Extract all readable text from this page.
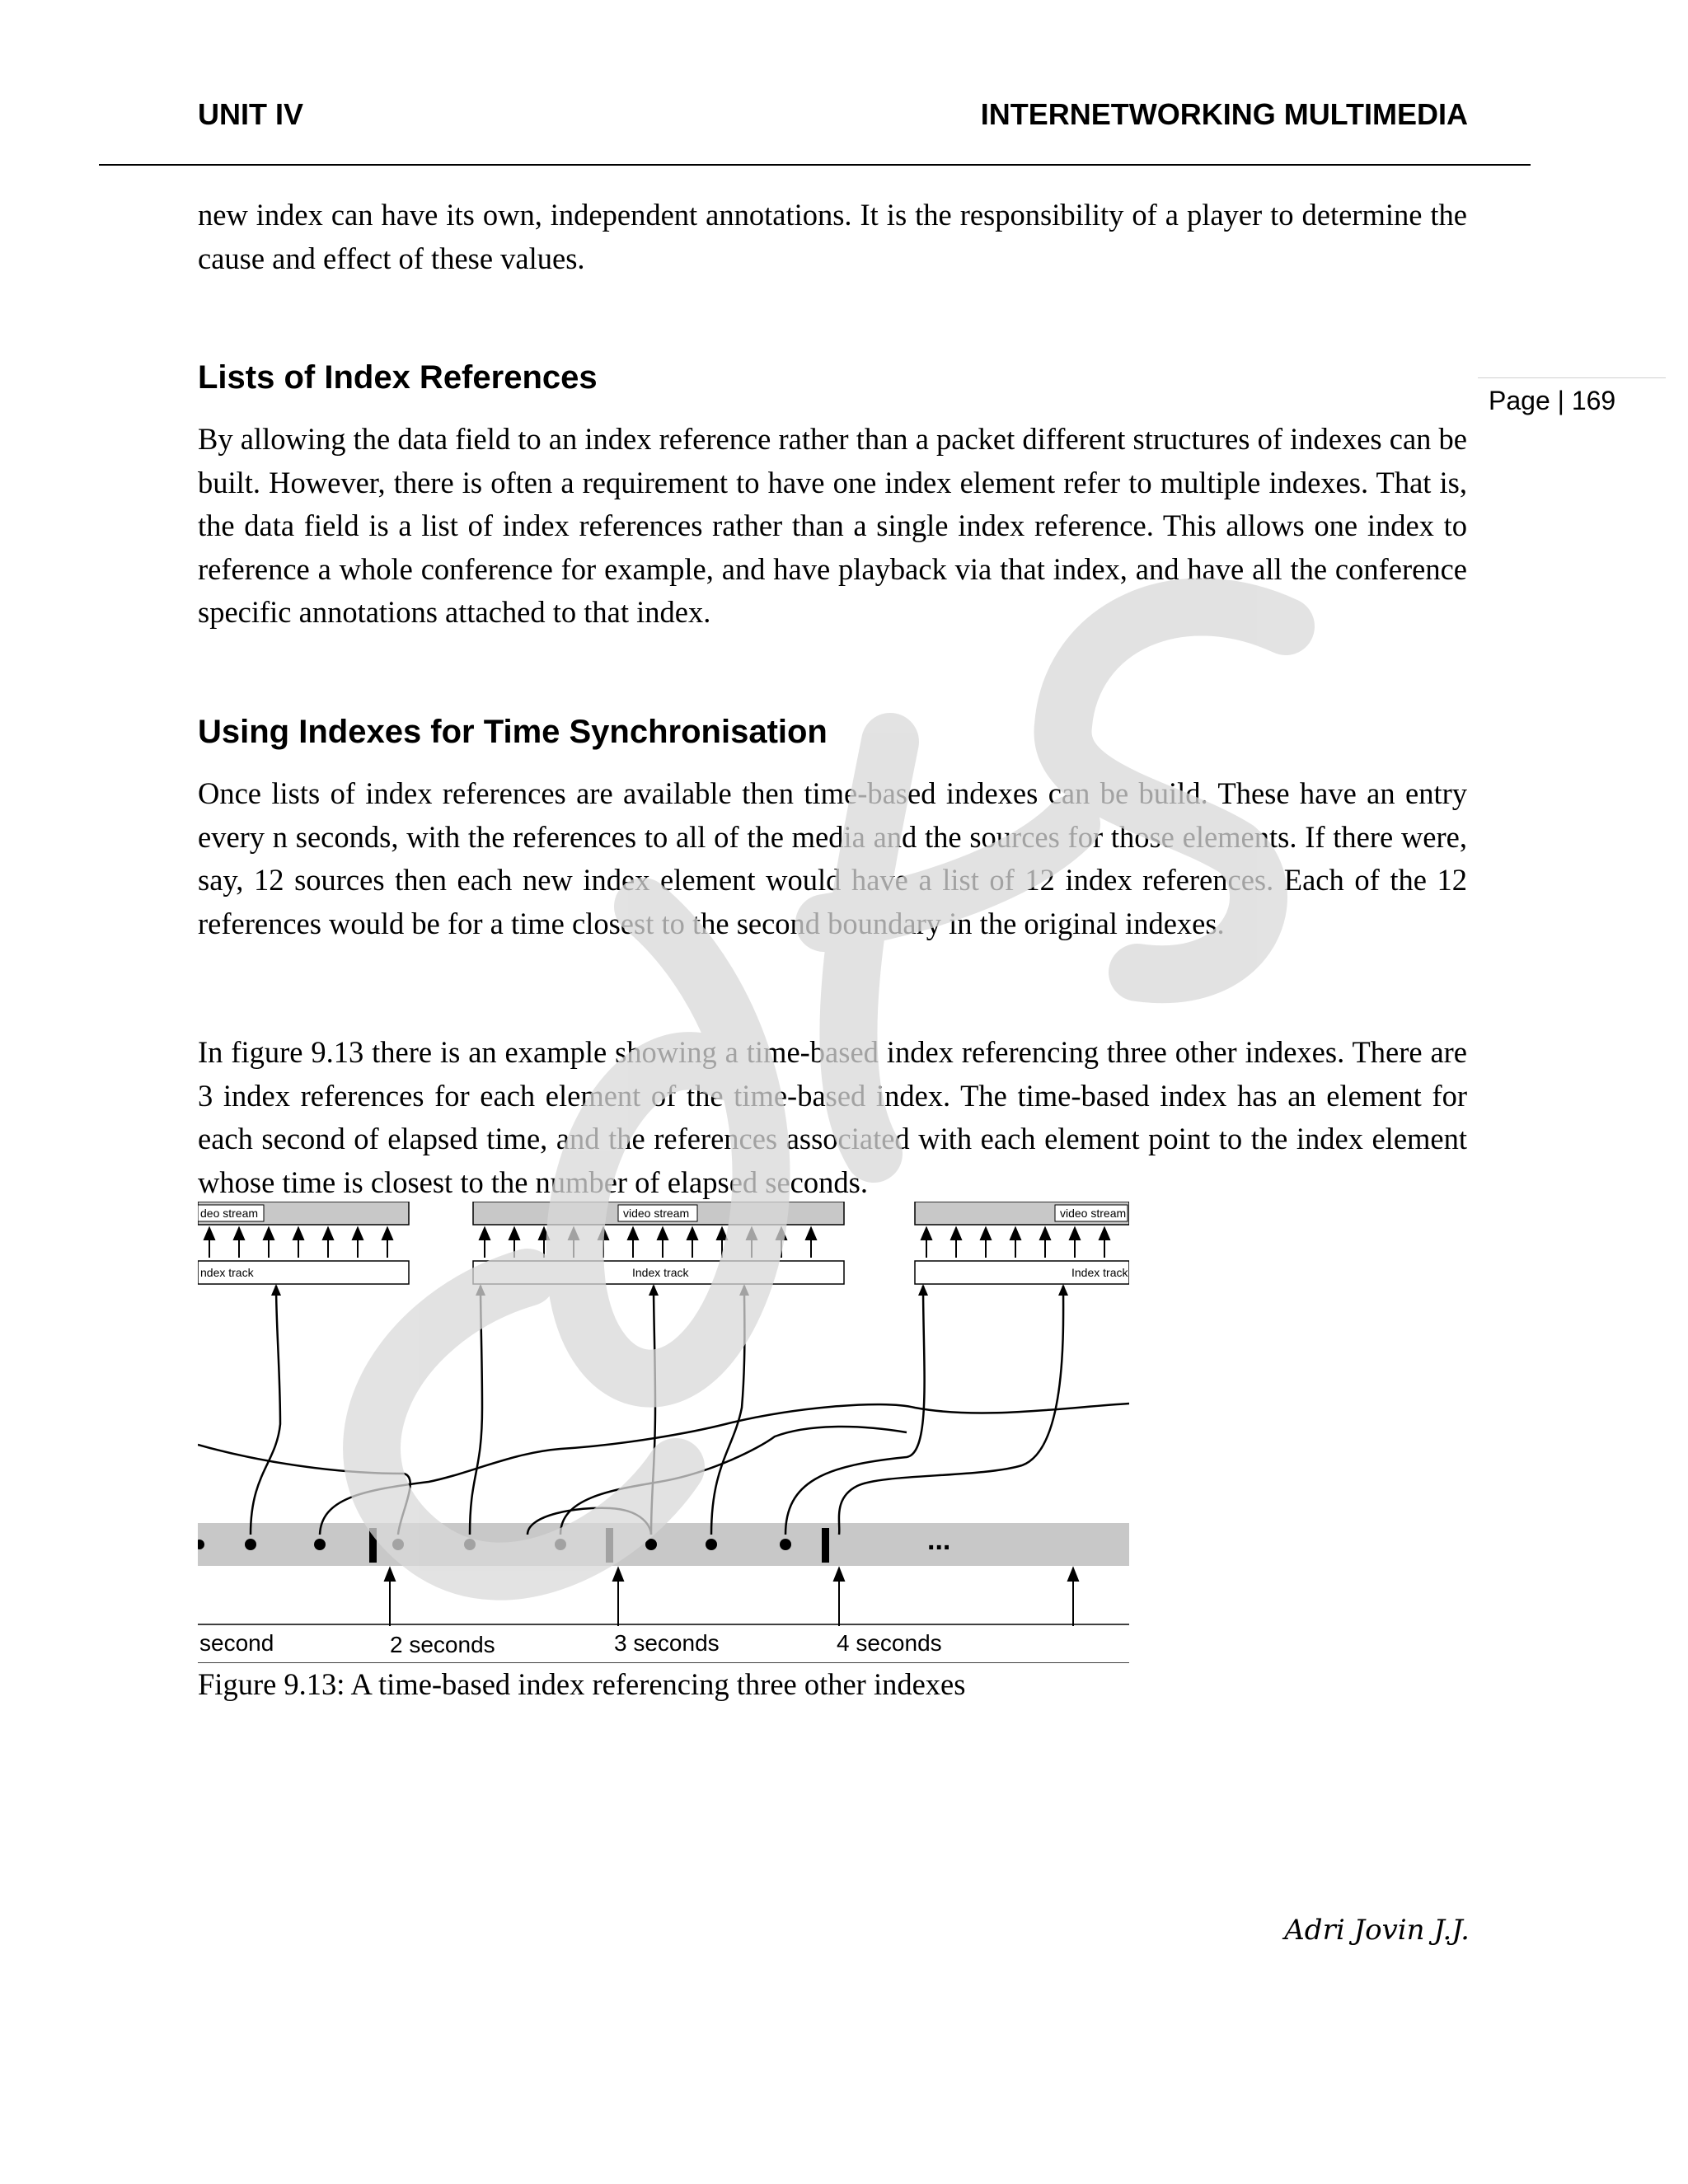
UNIT IV	INTERNETWORKING MULTIMEDIA
Page | 169

new index can have its own, independent annotations. It is the responsibility of a player to determine the cause and effect of these values.

Lists of Index References

By allowing the data field to an index reference rather than a packet different structures of indexes can be built. However, there is often a requirement to have one index element refer to multiple indexes. That is, the data field is a list of index references rather than a single index reference. This allows one index to reference a whole conference for example, and have playback via that index, and have all the conference specific annotations attached to that index.

Using Indexes for Time Synchronisation

Once lists of index references are available then time-based indexes can be build. These have an entry every n seconds, with the references to all of the media and the sources for those elements. If there were, say, 12 sources then each new index element would have a list of 12 index references. Each of the 12 references would be for a time closest to the second boundary in the original indexes.

In figure 9.13 there is an example showing a time-based index referencing three other indexes. There are 3 index references for each element of the time-based index. The time-based index has an element for each second of elapsed time, and the references associated with each element point to the index element whose time is closest to the number of elapsed seconds.

deo stream
ndex track
video stream
Index track
video stream
Index track
...
second	2 seconds	3 seconds	4 seconds

Figure 9.13: A time-based index referencing three other indexes

Adri Jovin J.J.
